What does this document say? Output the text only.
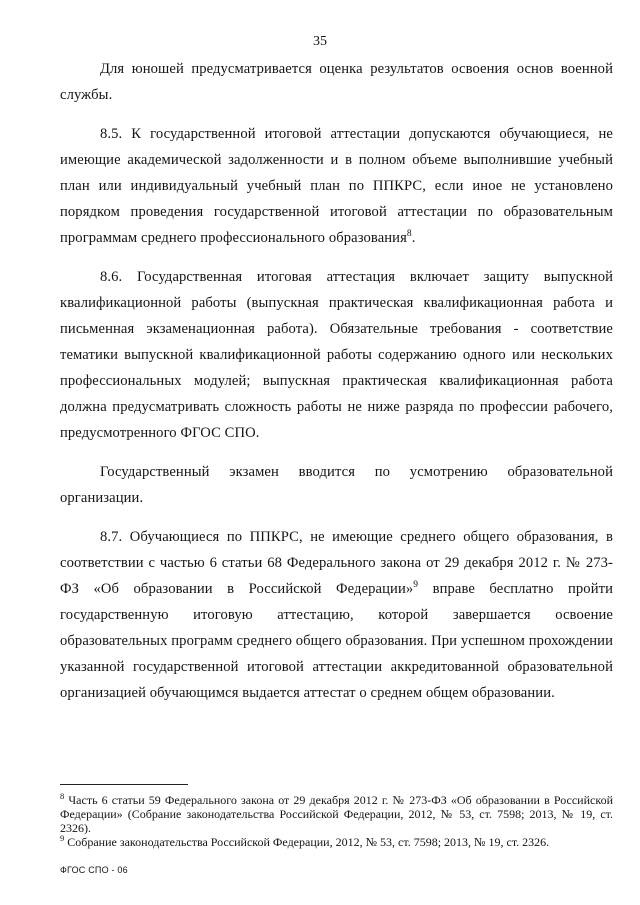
35

Для юношей предусматривается оценка результатов освоения основ военной службы.

8.5. К государственной итоговой аттестации допускаются обучающиеся, не имеющие академической задолженности и в полном объеме выполнившие учебный план или индивидуальный учебный план по ППКРС, если иное не установлено порядком проведения государственной итоговой аттестации по образовательным программам среднего профессионального образования$^8$.

8.6. Государственная итоговая аттестация включает защиту выпускной квалификационной работы (выпускная практическая квалификационная работа и письменная экзаменационная работа). Обязательные требования - соответствие тематики выпускной квалификационной работы содержанию одного или нескольких профессиональных модулей; выпускная практическая квалификационная работа должна предусматривать сложность работы не ниже разряда по профессии рабочего, предусмотренного ФГОС СПО.

Государственный экзамен вводится по усмотрению образовательной организации.

8.7. Обучающиеся по ППКРС, не имеющие среднего общего образования, в соответствии с частью 6 статьи 68 Федерального закона от 29 декабря 2012 г. № 273-ФЗ «Об образовании в Российской Федерации»$^9$ вправе бесплатно пройти государственную итоговую аттестацию, которой завершается освоение образовательных программ среднего общего образования. При успешном прохождении указанной государственной итоговой аттестации аккредитованной образовательной организацией обучающимся выдается аттестат о среднем общем образовании.

$^8$ Часть 6 статьи 59 Федерального закона от 29 декабря 2012 г. № 273-ФЗ «Об образовании в Российской Федерации» (Собрание законодательства Российской Федерации, 2012, № 53, ст. 7598; 2013, № 19, ст. 2326).

$^9$ Собрание законодательства Российской Федерации, 2012, № 53, ст. 7598; 2013, № 19, ст. 2326.

ФГОС СПО - 06
